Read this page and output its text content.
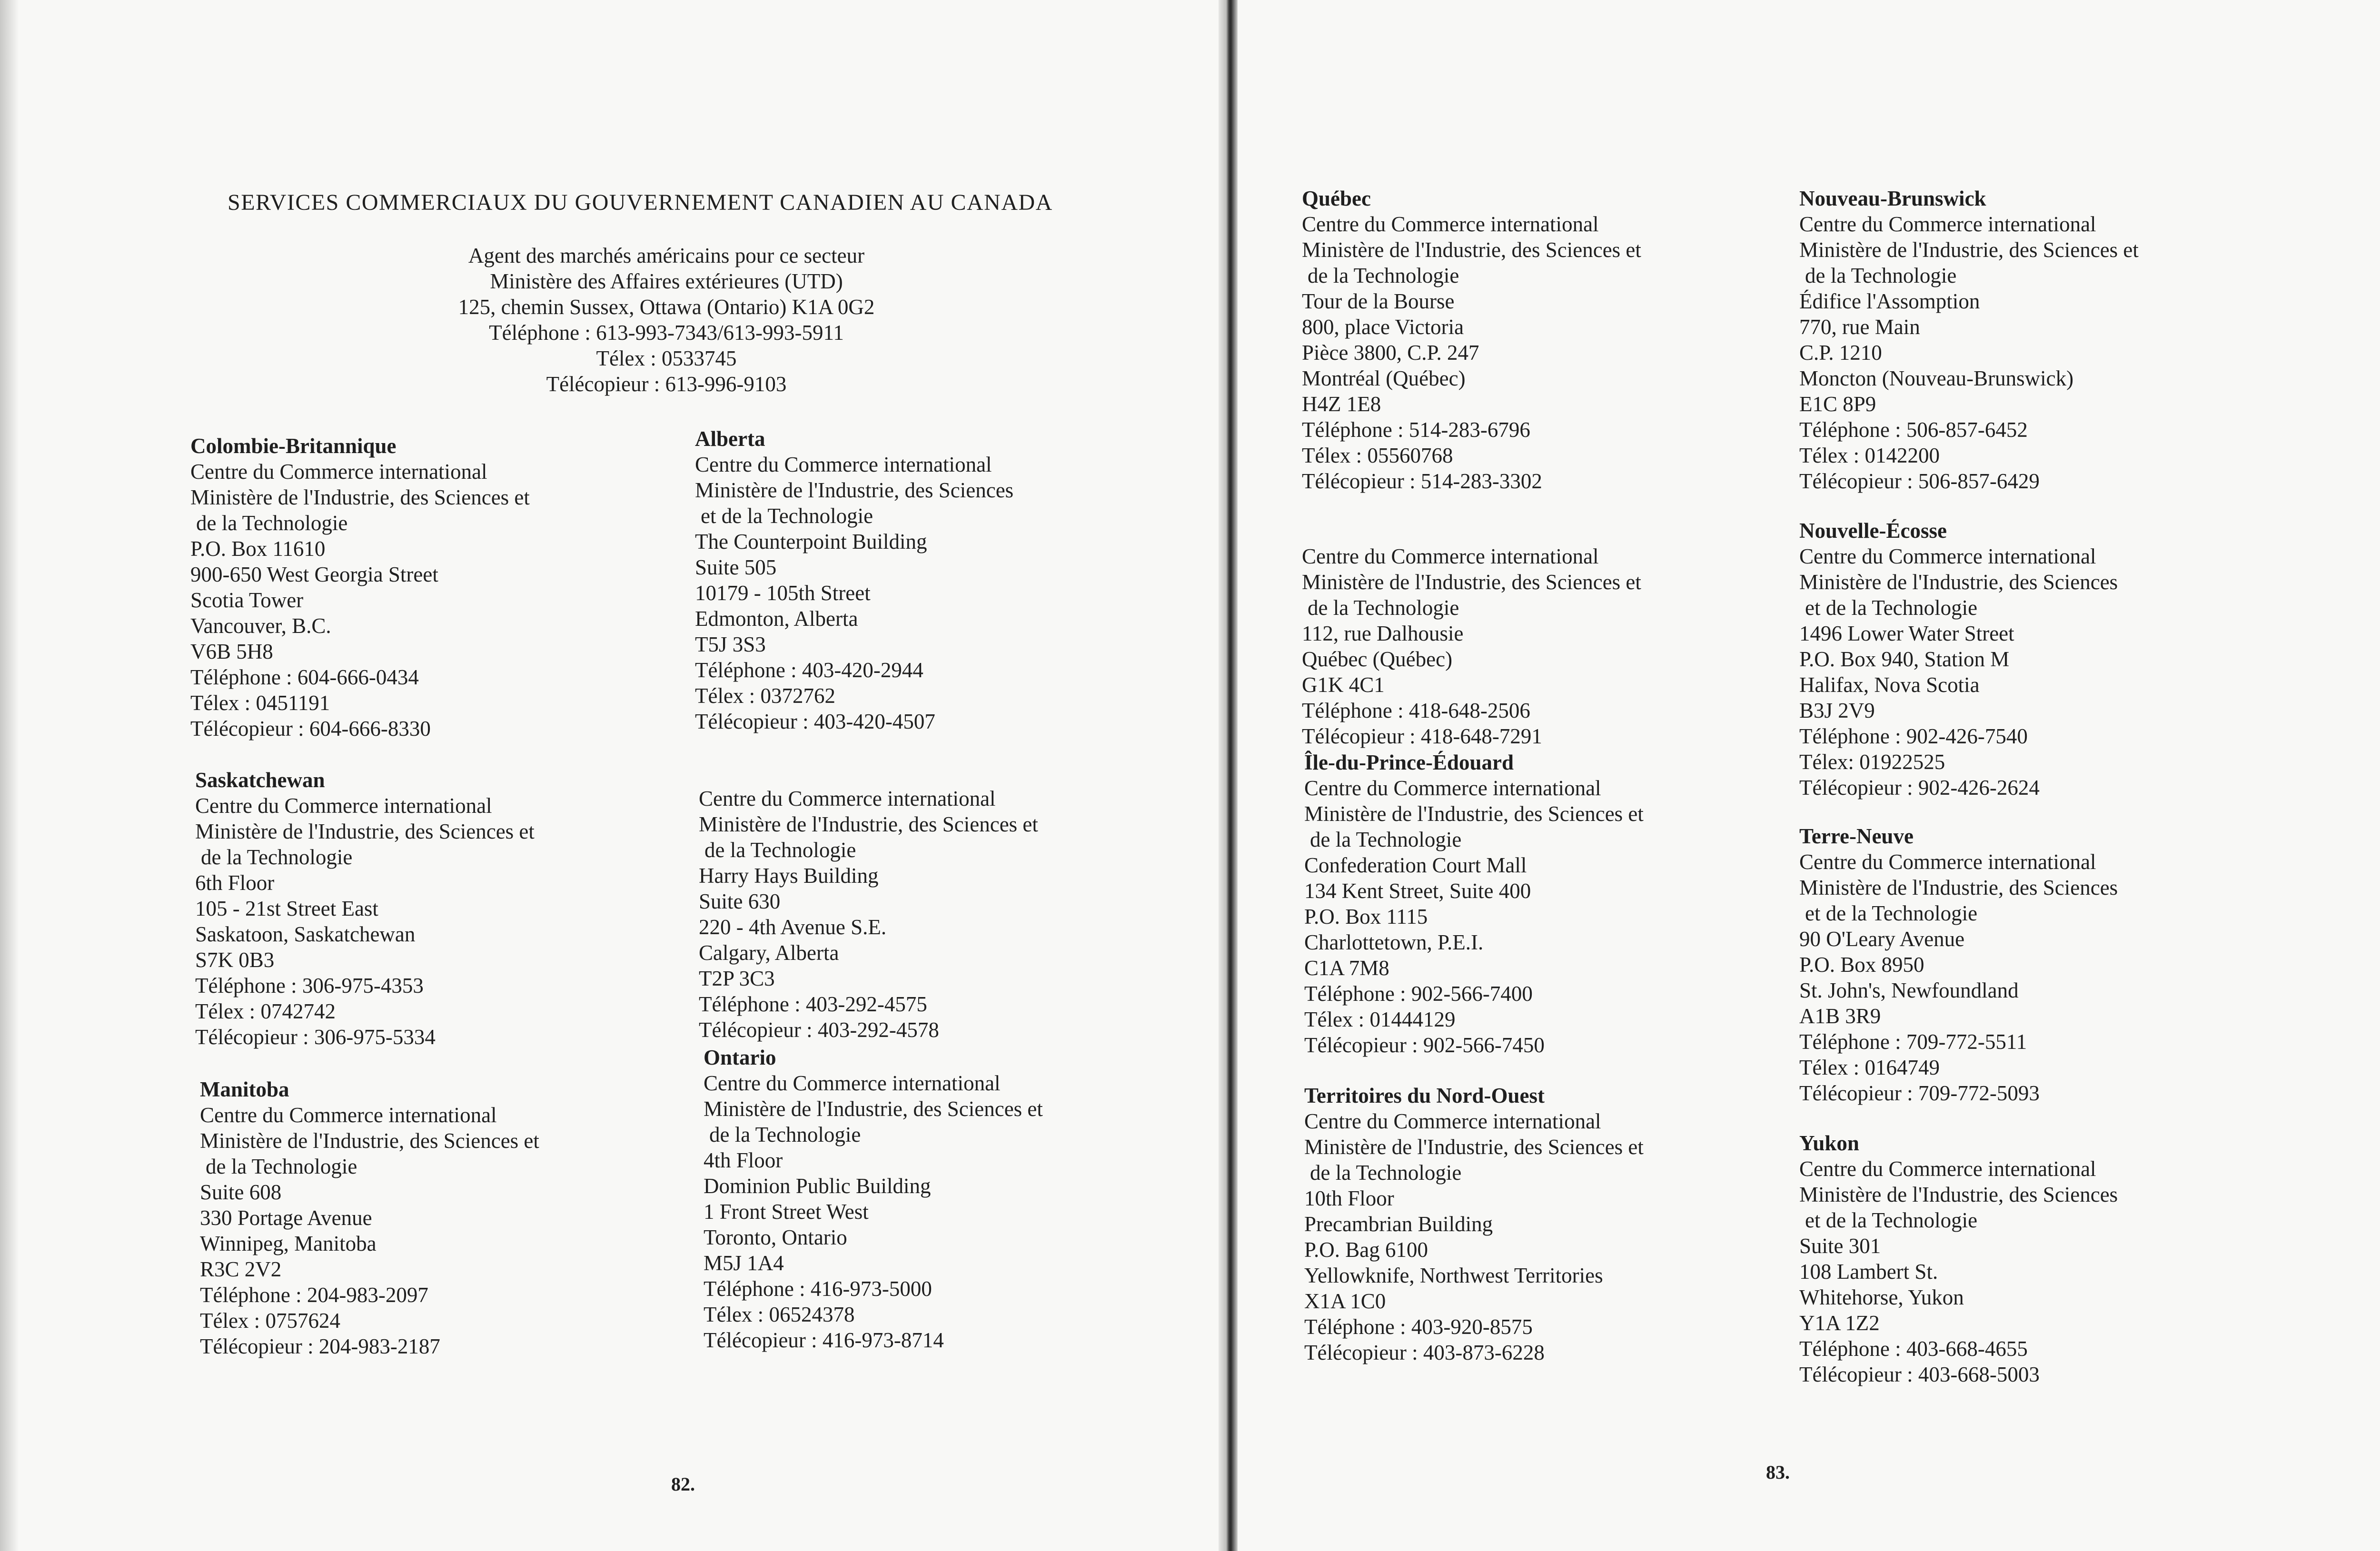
SERVICES COMMERCIAUX DU GOUVERNEMENT CANADIEN AU CANADA
Agent des marchés américains pour ce secteur
Ministère des Affaires extérieures (UTD)
125, chemin Sussex, Ottawa (Ontario) K1A 0G2
Téléphone : 613-993-7343/613-993-5911
Télex : 0533745
Télécopieur : 613-996-9103
Colombie-Britannique
Centre du Commerce international
Ministère de l'Industrie, des Sciences et
de la Technologie
P.O. Box 11610
900-650 West Georgia Street
Scotia Tower
Vancouver, B.C.
V6B 5H8
Téléphone : 604-666-0434
Télex : 0451191
Télécopieur : 604-666-8330
Saskatchewan
Centre du Commerce international
Ministère de l'Industrie, des Sciences et
de la Technologie
6th Floor
105 - 21st Street East
Saskatoon, Saskatchewan
S7K 0B3
Téléphone : 306-975-4353
Télex : 0742742
Télécopieur : 306-975-5334
Manitoba
Centre du Commerce international
Ministère de l'Industrie, des Sciences et
de la Technologie
Suite 608
330 Portage Avenue
Winnipeg, Manitoba
R3C 2V2
Téléphone : 204-983-2097
Télex : 0757624
Télécopieur : 204-983-2187
Alberta
Centre du Commerce international
Ministère de l'Industrie, des Sciences
et de la Technologie
The Counterpoint Building
Suite 505
10179 - 105th Street
Edmonton, Alberta
T5J 3S3
Téléphone : 403-420-2944
Télex : 0372762
Télécopieur : 403-420-4507

Centre du Commerce international
Ministère de l'Industrie, des Sciences et
de la Technologie
Harry Hays Building
Suite 630
220 - 4th Avenue S.E.
Calgary, Alberta
T2P 3C3
Téléphone : 403-292-4575
Télécopieur : 403-292-4578
Ontario
Centre du Commerce international
Ministère de l'Industrie, des Sciences et
de la Technologie
4th Floor
Dominion Public Building
1 Front Street West
Toronto, Ontario
M5J 1A4
Téléphone : 416-973-5000
Télex : 06524378
Télécopieur : 416-973-8714
82.
Québec
Centre du Commerce international
Ministère de l'Industrie, des Sciences et
de la Technologie
Tour de la Bourse
800, place Victoria
Pièce 3800, C.P. 247
Montréal (Québec)
H4Z 1E8
Téléphone : 514-283-6796
Télex : 05560768
Télécopieur : 514-283-3302

Centre du Commerce international
Ministère de l'Industrie, des Sciences et
de la Technologie
112, rue Dalhousie
Québec (Québec)
G1K 4C1
Téléphone : 418-648-2506
Télécopieur : 418-648-7291
Île-du-Prince-Édouard
Centre du Commerce international
Ministère de l'Industrie, des Sciences et
de la Technologie
Confederation Court Mall
134 Kent Street, Suite 400
P.O. Box 1115
Charlottetown, P.E.I.
C1A 7M8
Téléphone : 902-566-7400
Télex : 01444129
Télécopieur : 902-566-7450
Territoires du Nord-Ouest
Centre du Commerce international
Ministère de l'Industrie, des Sciences et
de la Technologie
10th Floor
Precambrian Building
P.O. Bag 6100
Yellowknife, Northwest Territories
X1A 1C0
Téléphone : 403-920-8575
Télécopieur : 403-873-6228
Nouveau-Brunswick
Centre du Commerce international
Ministère de l'Industrie, des Sciences et
de la Technologie
Édifice l'Assomption
770, rue Main
C.P. 1210
Moncton (Nouveau-Brunswick)
E1C 8P9
Téléphone : 506-857-6452
Télex : 0142200
Télécopieur : 506-857-6429
Nouvelle-Écosse
Centre du Commerce international
Ministère de l'Industrie, des Sciences
et de la Technologie
1496 Lower Water Street
P.O. Box 940, Station M
Halifax, Nova Scotia
B3J 2V9
Téléphone : 902-426-7540
Télex: 01922525
Télécopieur : 902-426-2624
Terre-Neuve
Centre du Commerce international
Ministère de l'Industrie, des Sciences
et de la Technologie
90 O'Leary Avenue
P.O. Box 8950
St. John's, Newfoundland
A1B 3R9
Téléphone : 709-772-5511
Télex : 0164749
Télécopieur : 709-772-5093
Yukon
Centre du Commerce international
Ministère de l'Industrie, des Sciences
et de la Technologie
Suite 301
108 Lambert St.
Whitehorse, Yukon
Y1A 1Z2
Téléphone : 403-668-4655
Télécopieur : 403-668-5003
83.
